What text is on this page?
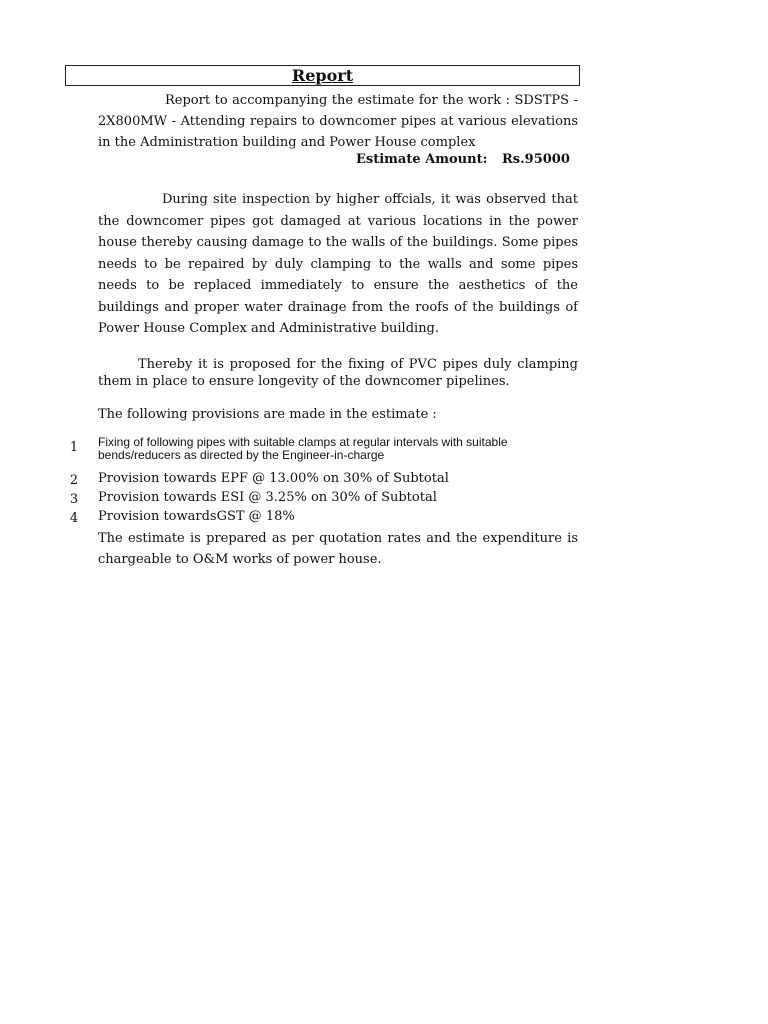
Report
Report to accompanying the estimate for the work : SDSTPS - 2X800MW - Attending repairs to downcomer pipes at various elevations in the Administration building and Power House complex
Estimate Amount: Rs.95000
During site inspection by higher offcials, it was observed that the downcomer pipes got damaged at various locations in the power house thereby causing damage to the walls of the buildings. Some pipes needs to be repaired by duly clamping to the walls and some pipes needs to be replaced immediately to ensure the aesthetics of the buildings and proper water drainage from the roofs of the buildings of Power House Complex and Administrative building.
Thereby it is proposed for the fixing of PVC pipes duly clamping them in place to ensure longevity of the downcomer pipelines.
The following provisions are made in the estimate :
1 Fixing of following pipes with suitable clamps at regular intervals with suitable bends/reducers as directed by the Engineer-in-charge
2 Provision towards EPF @ 13.00% on 30% of Subtotal
3 Provision towards ESI @ 3.25% on 30% of Subtotal
4 Provision towardsGST @ 18%
The estimate is prepared as per quotation rates and the expenditure is chargeable to O&M works of power house.
